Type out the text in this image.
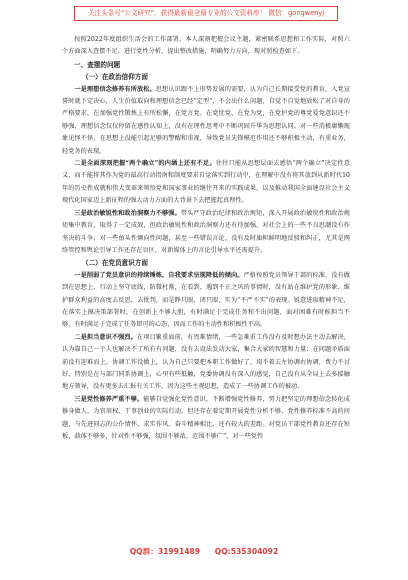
关注头条号“公文研究”，获得最新最全最专业的公文资料库！ 微信：gongwenyj

按照2022年度组织生活会的工作部署，本人深刻把握会议主题，紧密联系思想和工作实际，对照六个方面深入查摆不足，进行党性分析，提出整改措施，明确努力方向，现对照检查如下。

一、查摆的问题

（一）在政治信仰方面

一是理想信念修养有所放松。思想认识跟不上形势发展的需要，认为自己长期接受党的教育，入党宣誓时就下定决心，人生价值取向和理想信念已经“定型”，不会出什么问题，自觉不自觉地放松了对自身的严格要求，在加强党性锻炼上有所松懈，在党言党、在党忧党、在党为党，在党护党的尊党爱党意识还不够强，理想信念仅仅停留在感性认知上，没有在理性思考中不断巩固升华为思想认同。对一些消极庸懒现象见怪不怪，在思想上没能引起足够的警醒和重视，导致党员先锋模范作用还不够积极主动，有重业务，轻党务的表现。

二是全面深刻把握“两个确立”的内涵上还有不足。往往只能从思想层面去感悟“两个确立”决定性意义，而不能将其作为党的最高行动指南和制度要求自觉落实到行动中，在理解中没有将其放到从新时代10年的历史性成就和伟大变革来领悟党和国家事业的继往开来的实践成果，以及推动我国全面建设社会主义现代化国家迈上新征程的强大动力方面的大背景下去把握起真理性。

三是政治敏锐性和政治洞察力不够强。带头严守政治纪律和政治规矩，深入开展政治敏锐性和政治规矩集中教育，取得了一定成效，但政治敏锐性和政治洞察力还有待加强，对社会上的一些不良思潮没有作坚决的斗争，对一些鱼头性倾向性问题，甚至一些错误言论，没有及时旗帜鲜明地反驳和纠正，尤其是网络管控和舆论引导工作还存在盲区，对新媒体上的言论引导水平还需提升。

（二）在党员意识方面

一是削弱了党员意识的持续锤炼，自我要求呈现降低的倾向。严格按照党员领导干部的标准，没有做到在思想上、行动上坚守底线，防微杜渐，在看到、遇到不正之风的事情时，没有站在维护党的形象、维护群众利益的高度去反思，去批判，而是睁只眼、闭只眼，实为“不严不实”的表现。锐意进取精神不足，在落实上摸决策部署时，在创新上不够大胆，有时满足于完成任务和不出问题，面对困难有时候担当不够，有时满足于完成了任务即可的心态，因而工作的主动性和积极性不高。

二是担当意识不强烈。在项目繁重面前，有畏难情绪，一些急难重工作没有及时想办法主动去解决，认为靠自己一个人也解决不了所有有问题，没有去设法发动大家，集合大家的智慧和力量；在问题矛盾面前没有迎难而上，协调工作没做上，认为自己只要把本职工作做好了，用不着去左协调右协调，费力不讨好，特别是在与部门同系协调上，心里有些抵触，党委协调没有深入的感觉，自己没有从全局上去多接触地方领导，没有更多去汇报有关工作，因为这些主观思想，造成了一些协调工作的被动。

三是党性修养严重不够。能够自觉强化党性意识，不断增强党性修养，努力把坚定的理想信念转化成修身做人，为官用权、干事创业的实际行动。但还存在着定期开展党性分析不够、党性修养标准不高的问题，与先进同志的公仆情怀、求实作风、奋斗精神相比，还有较大的差距。对党员干部党性教育还存在短板，载体不够多，针对性不够强，氛围不够浓、范围不够广”，对一些党性

QQ群：31991489 QQ:535304092
